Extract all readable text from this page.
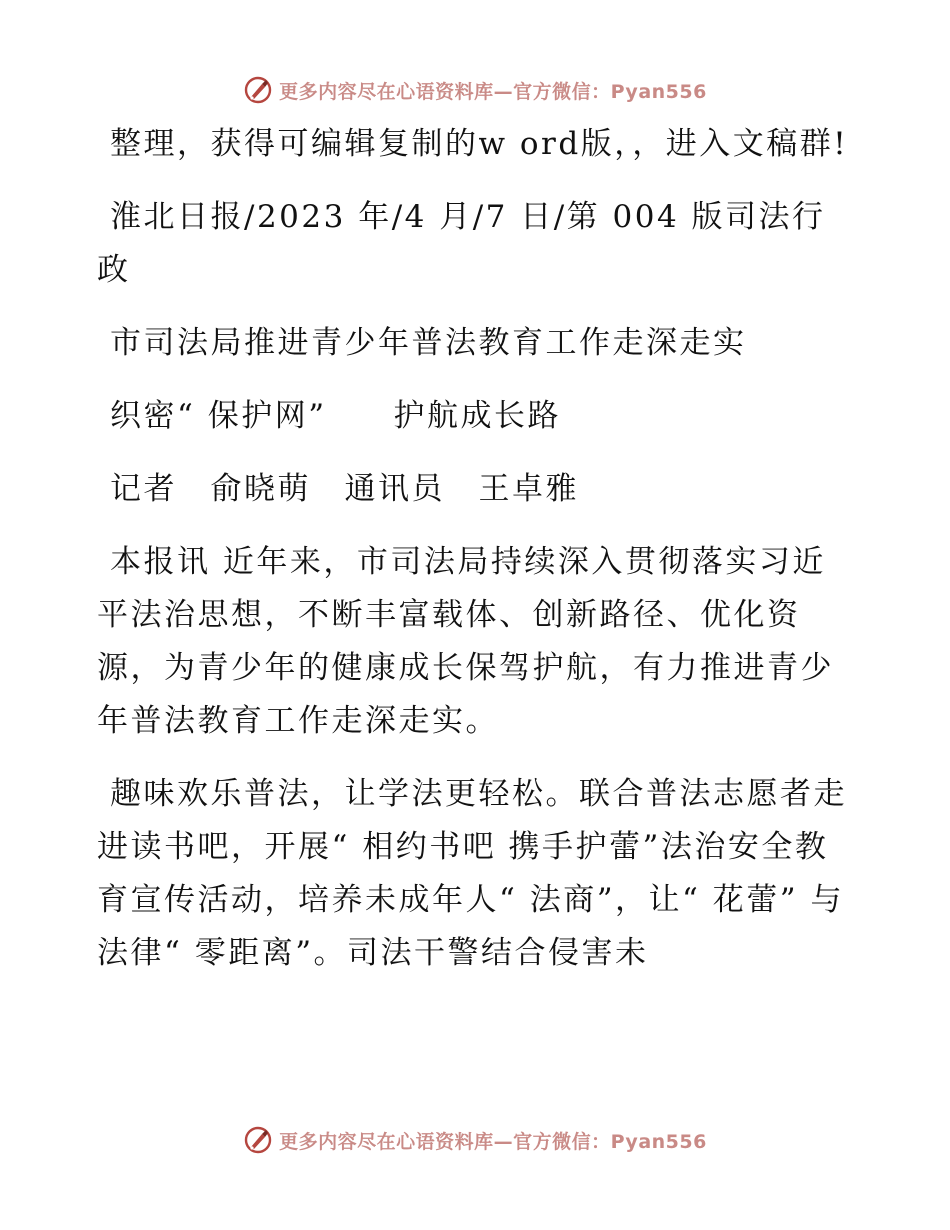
更多内容尽在心语资料库—官方微信：Pyan556

整理，获得可编辑复制的w ord版，，进入文稿群!

淮北日报/2023 年/4 月/7 日/第 004 版司法行政

市司法局推进青少年普法教育工作走深走实

织密“ 保护网”　　护航成长路

记者　俞晓萌　通讯员　王卓雅

本报讯 近年来，市司法局持续深入贯彻落实习近平法治思想，不断丰富载体、创新路径、优化资源，为青少年的健康成长保驾护航，有力推进青少年普法教育工作走深走实。

趣味欢乐普法，让学法更轻松。联合普法志愿者走进读书吧，开展“ 相约书吧 携手护蕾”法治安全教育宣传活动，培养未成年人“ 法商”，让“ 花蕾” 与法律“ 零距离”。司法干警结合侵害未

更多内容尽在心语资料库—官方微信：Pyan556
